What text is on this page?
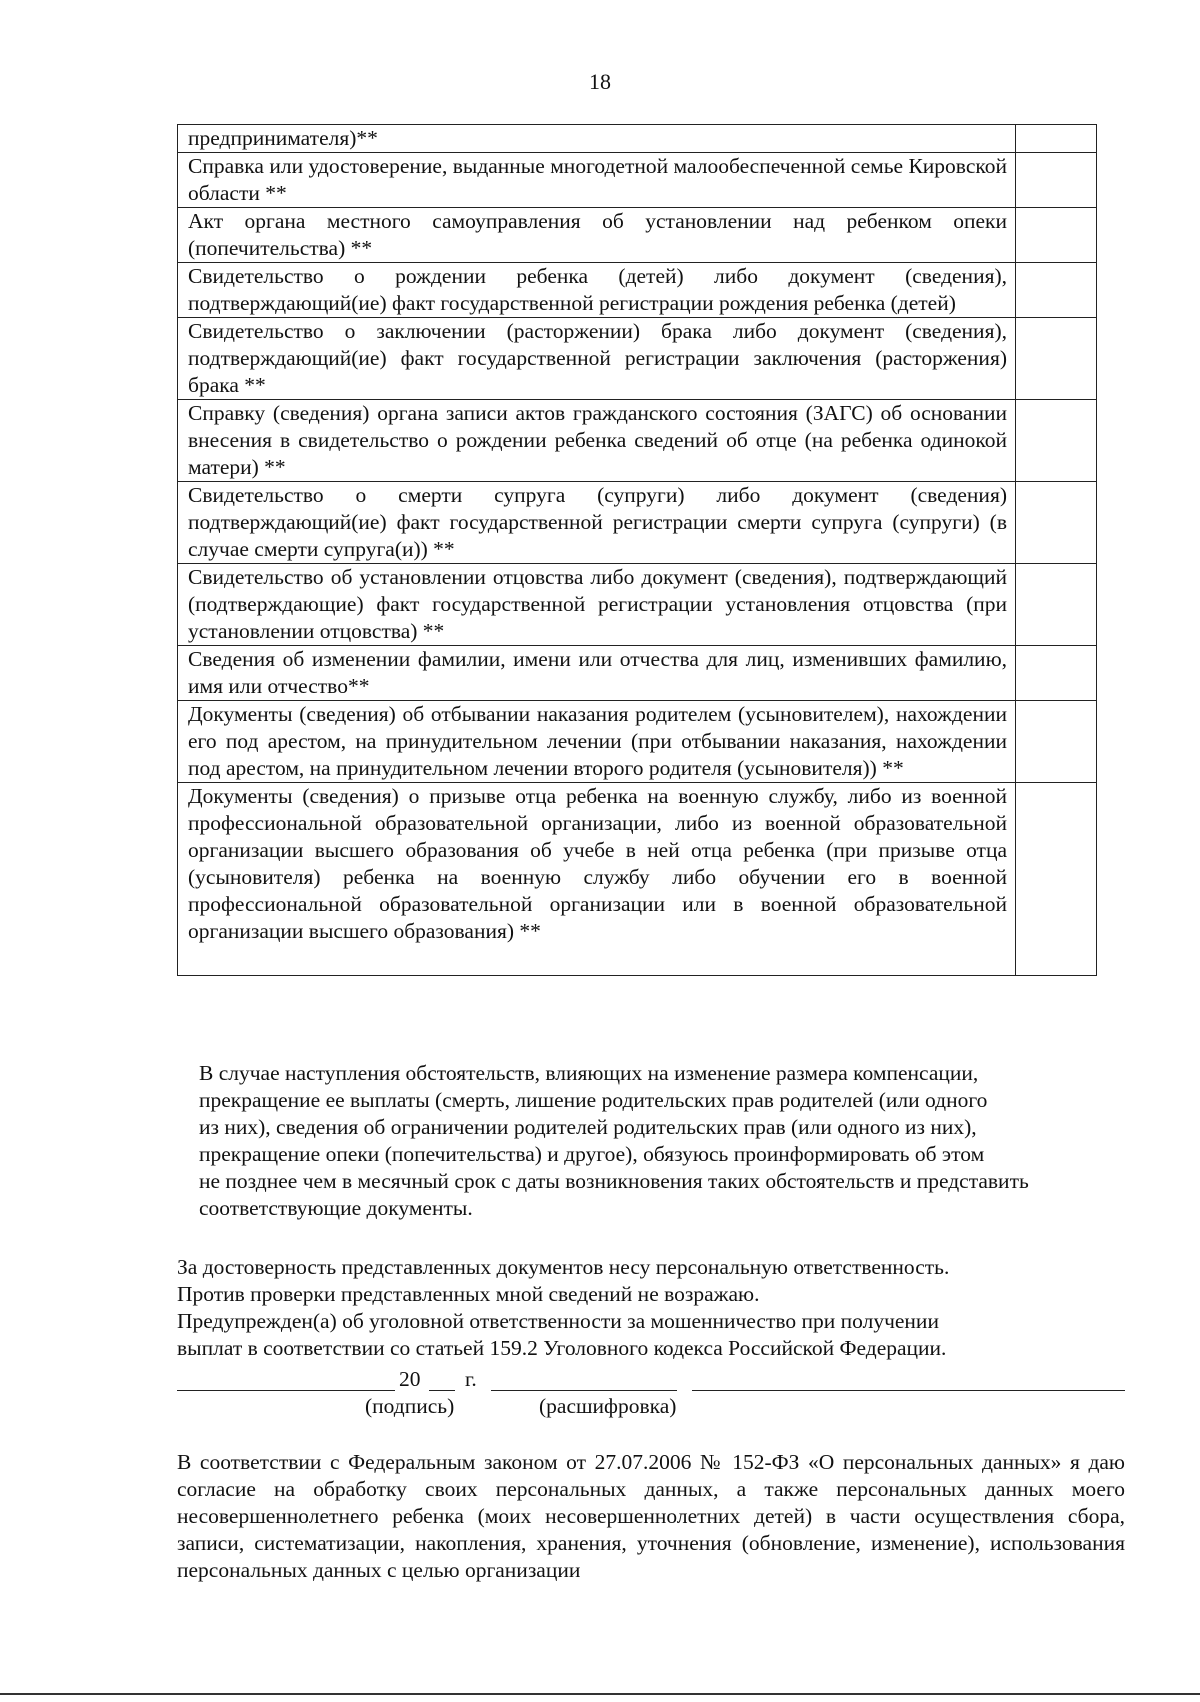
18
предпринимателя)**	
Справка или удостоверение, выданные многодетной малообеспеченной семье Кировской области **	
Акт органа местного самоуправления об установлении над ребенком опеки (попечительства) **	
Свидетельство о рождении ребенка (детей) либо документ (сведения), подтверждающий(ие) факт государственной регистрации рождения ребенка (детей)	
Свидетельство о заключении (расторжении) брака либо документ (сведения), подтверждающий(ие) факт государственной регистрации заключения (расторжения) брака **	
Справку (сведения) органа записи актов гражданского состояния (ЗАГС) об основании внесения в свидетельство о рождении ребенка сведений об отце (на ребенка одинокой матери) **	
Свидетельство о смерти супруга (супруги) либо документ (сведения) подтверждающий(ие) факт государственной регистрации смерти супруга (супруги) (в случае смерти супруга(и)) **	
Свидетельство об установлении отцовства либо документ (сведения), подтверждающий (подтверждающие) факт государственной регистрации установления отцовства (при установлении отцовства) **	
Сведения об изменении фамилии, имени или отчества для лиц, изменивших фамилию, имя или отчество**	
Документы (сведения) об отбывании наказания родителем (усыновителем), нахождении его под арестом, на принудительном лечении (при отбывании наказания, нахождении под арестом, на принудительном лечении второго родителя (усыновителя)) **	
Документы (сведения) о призыве отца ребенка на военную службу, либо из военной профессиональной образовательной организации, либо из военной образовательной организации высшего образования об учебе в ней отца ребенка (при призыве отца (усыновителя) ребенка на военную службу либо обучении его в военной профессиональной образовательной организации или в военной образовательной организации высшего образования) **	
В случае наступления обстоятельств, влияющих на изменение размера компенсации,
прекращение ее выплаты (смерть, лишение родительских прав родителей (или одного
из них), сведения об ограничении родителей родительских прав (или одного из них),
прекращение опеки (попечительства) и другое), обязуюсь проинформировать об этом
не позднее чем в месячный срок с даты возникновения таких обстоятельств и представить
соответствующие документы.
За достоверность представленных документов несу персональную ответственность.
Против проверки представленных мной сведений не возражаю.
Предупрежден(а) об уголовной ответственности за мошенничество при получении
выплат в соответствии со статьей 159.2 Уголовного кодекса Российской Федерации.
20 г.
(подпись)	(расшифровка)

В соответствии с Федеральным законом от 27.07.2006 № 152-ФЗ «О персональных данных» я даю согласие на обработку своих персональных данных, а также персональных данных моего несовершеннолетнего ребенка (моих несовершеннолетних детей) в части осуществления сбора, записи, систематизации, накопления, хранения, уточнения (обновление, изменение), использования персональных данных с целью организации
